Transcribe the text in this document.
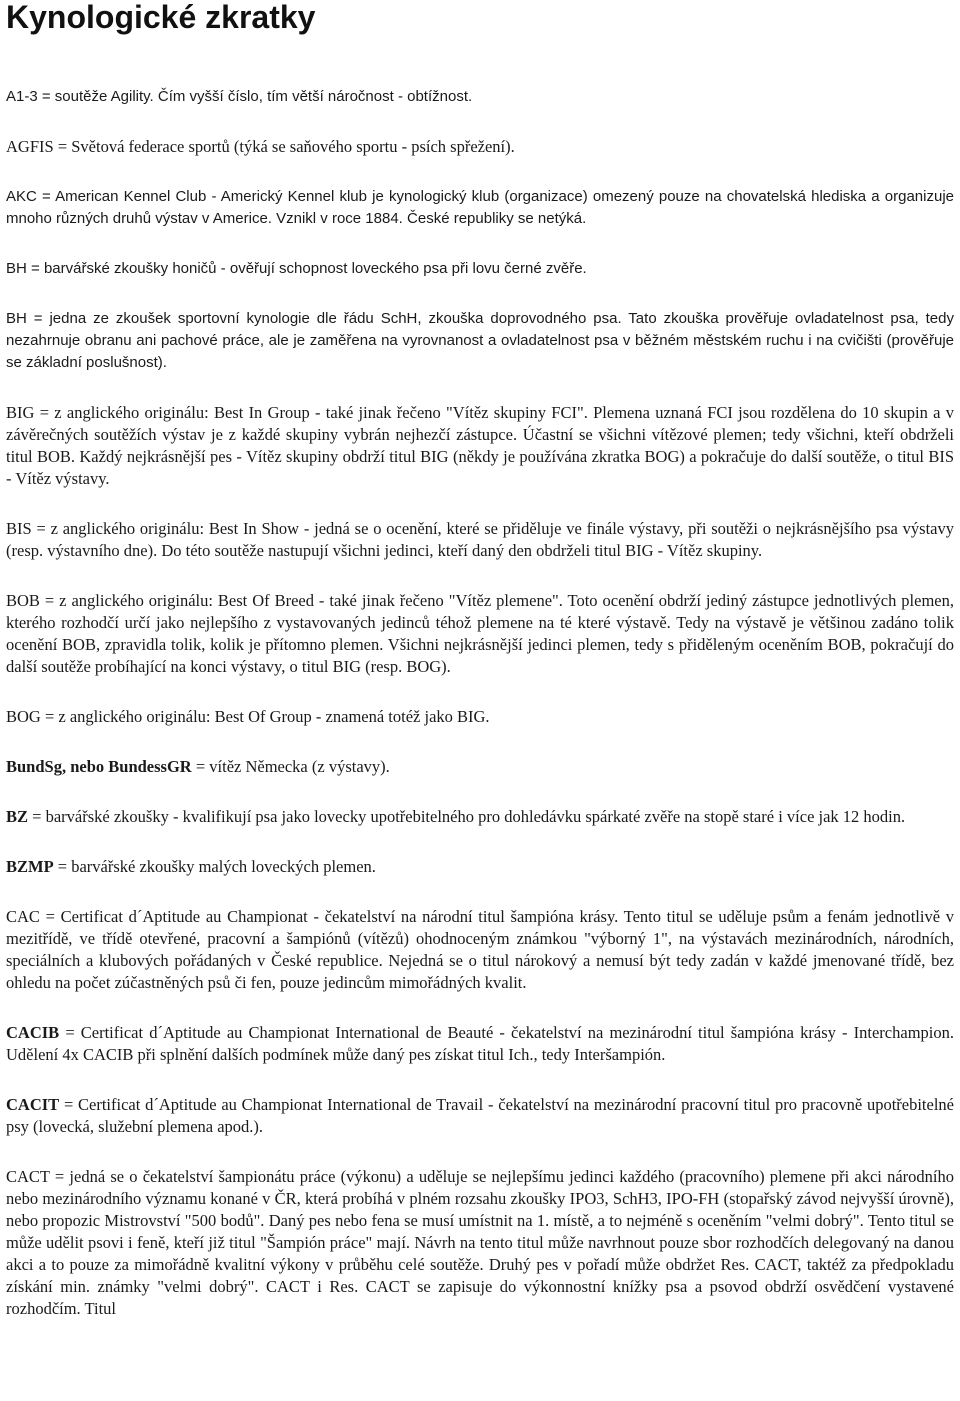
Kynologické zkratky

A1-3 = soutěže Agility. Čím vyšší číslo, tím větší náročnost - obtížnost.

AGFIS = Světová federace sportů (týká se saňového sportu - psích spřežení).

AKC = American Kennel Club - Americký Kennel klub je kynologický klub (organizace) omezený pouze na chovatelská hlediska a organizuje mnoho různých druhů výstav v Americe. Vznikl v roce 1884. České republiky se netýká.

BH = barvářské zkoušky honičů - ověřují schopnost loveckého psa při lovu černé zvěře.

BH = jedna ze zkoušek sportovní kynologie dle řádu SchH, zkouška doprovodného psa. Tato zkouška prověřuje ovladatelnost psa, tedy nezahrnuje obranu ani pachové práce, ale je zaměřena na vyrovnanost a ovladatelnost psa v běžném městském ruchu i na cvičišti (prověřuje se základní poslušnost).

BIG = z anglického originálu: Best In Group - také jinak řečeno "Vítěz skupiny FCI". Plemena uznaná FCI jsou rozdělena do 10 skupin a v závěrečných soutěžích výstav je z každé skupiny vybrán nejhezčí zástupce. Účastní se všichni vítězové plemen; tedy všichni, kteří obdrželi titul BOB. Každý nejkrásnější pes - Vítěz skupiny obdrží titul BIG (někdy je používána zkratka BOG) a pokračuje do další soutěže, o titul BIS - Vítěz výstavy.

BIS = z anglického originálu: Best In Show - jedná se o ocenění, které se přiděluje ve finále výstavy, při soutěži o nejkrásnějšího psa výstavy (resp. výstavního dne). Do této soutěže nastupují všichni jedinci, kteří daný den obdrželi titul BIG - Vítěz skupiny.

BOB = z anglického originálu: Best Of Breed - také jinak řečeno "Vítěz plemene". Toto ocenění obdrží jediný zástupce jednotlivých plemen, kterého rozhodčí určí jako nejlepšího z vystavovaných jedinců téhož plemene na té které výstavě. Tedy na výstavě je většinou zadáno tolik ocenění BOB, zpravidla tolik, kolik je přítomno plemen. Všichni nejkrásnější jedinci plemen, tedy s přiděleným oceněním BOB, pokračují do další soutěže probíhající na konci výstavy, o titul BIG (resp. BOG).

BOG = z anglického originálu: Best Of Group - znamená totéž jako BIG.

BundSg, nebo BundessGR = vítěz Německa (z výstavy).

BZ = barvářské zkoušky - kvalifikují psa jako lovecky upotřebitelného pro dohledávku spárkaté zvěře na stopě staré i více jak 12 hodin.

BZMP = barvářské zkoušky malých loveckých plemen.

CAC = Certificat d´Aptitude au Championat - čekatelství na národní titul šampióna krásy. Tento titul se uděluje psům a fenám jednotlivě v mezitřídě, ve třídě otevřené, pracovní a šampiónů (vítězů) ohodnoceným známkou "výborný 1", na výstavách mezinárodních, národních, speciálních a klubových pořádaných v České republice. Nejedná se o titul nárokový a nemusí být tedy zadán v každé jmenované třídě, bez ohledu na počet zúčastněných psů či fen, pouze jedincům mimořádných kvalit.

CACIB = Certificat d´Aptitude au Championat International de Beauté - čekatelství na mezinárodní titul šampióna krásy - Interchampion. Udělení 4x CACIB při splnění dalších podmínek může daný pes získat titul Ich., tedy Interšampión.

CACIT = Certificat d´Aptitude au Championat International de Travail - čekatelství na mezinárodní pracovní titul pro pracovně upotřebitelné psy (lovecká, služební plemena apod.).

CACT = jedná se o čekatelství šampionátu práce (výkonu) a uděluje se nejlepšímu jedinci každého (pracovního) plemene při akci národního nebo mezinárodního významu konané v ČR, která probíhá v plném rozsahu zkoušky IPO3, SchH3, IPO-FH (stopařský závod nejvyšší úrovně), nebo propozic Mistrovství "500 bodů". Daný pes nebo fena se musí umístnit na 1. místě, a to nejméně s oceněním "velmi dobrý". Tento titul se může udělit psovi i feně, kteří již titul "Šampión práce" mají. Návrh na tento titul může navrhnout pouze sbor rozhodčích delegovaný na danou akci a to pouze za mimořádně kvalitní výkony v průběhu celé soutěže. Druhý pes v pořadí může obdržet Res. CACT, taktéž za předpokladu získání min. známky "velmi dobrý". CACT i Res. CACT se zapisuje do výkonnostní knížky psa a psovod obdrží osvědčení vystavené rozhodčím. Titul
